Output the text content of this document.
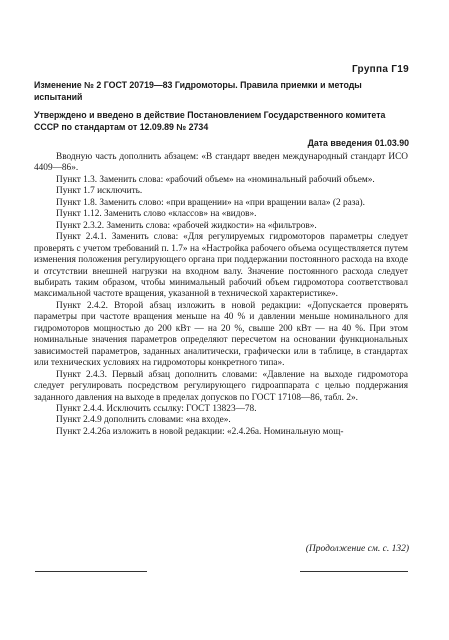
Группа Г19

Изменение № 2 ГОСТ 20719—83 Гидромоторы. Правила приемки и методы испытаний

Утверждено и введено в действие Постановлением Государственного комитета СССР по стандартам от 12.09.89 № 2734

Дата введения 01.03.90

Вводную часть дополнить абзацем: «В стандарт введен международный стандарт ИСО 4409—86».

Пункт 1.3. Заменить слова: «рабочий объем» на «номинальный рабочий объем».

Пункт 1.7 исключить.

Пункт 1.8. Заменить слово: «при вращении» на «при вращении вала» (2 раза).

Пункт 1.12. Заменить слово «классов» на «видов».

Пункт 2.3.2. Заменить слова: «рабочей жидкости» на «фильтров».

Пункт 2.4.1. Заменить слова: «Для регулируемых гидромоторов параметры следует проверять с учетом требований п. 1.7» на «Настройка рабочего объема осуществляется путем изменения положения регулирующего органа при поддержании постоянного расхода на входе и отсутствии внешней нагрузки на входном валу. Значение постоянного расхода следует выбирать таким образом, чтобы минимальный рабочий объем гидромотора соответствовал максимальной частоте вращения, указанной в технической характеристике».

Пункт 2.4.2. Второй абзац изложить в новой редакции: «Допускается проверять параметры при частоте вращения меньше на 40 % и давлении меньше номинального для гидромоторов мощностью до 200 кВт — на 20 %, свыше 200 кВт — на 40 %. При этом номинальные значения параметров определяют пересчетом на основании функциональных зависимостей параметров, заданных аналитически, графически или в таблице, в стандартах или технических условиях на гидромоторы конкретного типа».

Пункт 2.4.3. Первый абзац дополнить словами: «Давление на выходе гидромотора следует регулировать посредством регулирующего гидроаппарата с целью поддержания заданного давления на выходе в пределах допусков по ГОСТ 17108—86, табл. 2».

Пункт 2.4.4. Исключить ссылку: ГОСТ 13823—78.

Пункт 2.4.9 дополнить словами: «на входе».

Пункт 2.4.26а изложить в новой редакции: «2.4.26а. Номинальную мощ-

(Продолжение см. с. 132)
